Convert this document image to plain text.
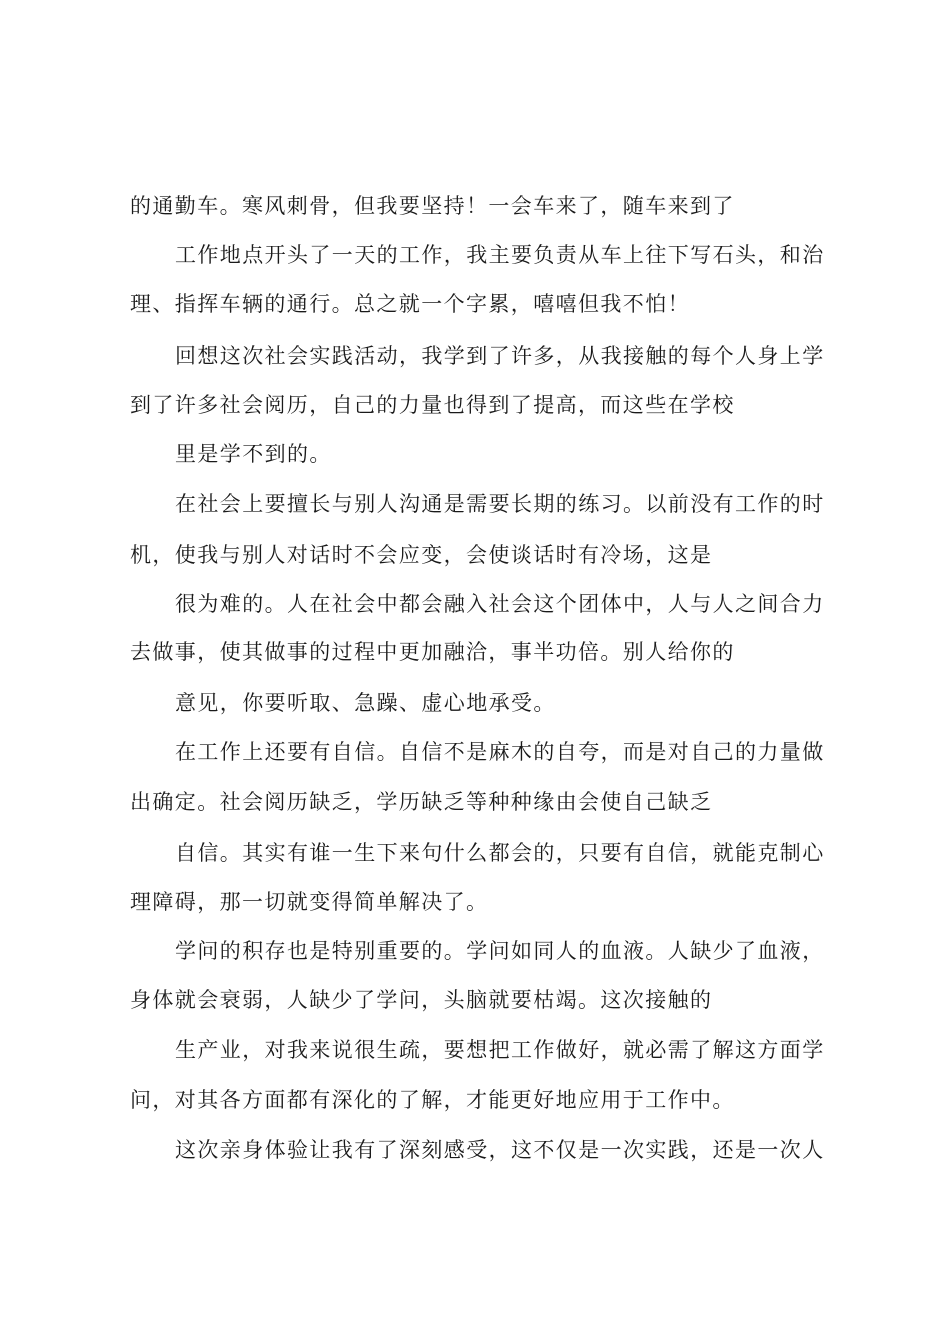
的通勤车。寒风刺骨，但我要坚持！一会车来了，随车来到了
工作地点开头了一天的工作，我主要负责从车上往下写石头，和治
理、指挥车辆的通行。总之就一个字累，嘻嘻但我不怕！
回想这次社会实践活动，我学到了许多，从我接触的每个人身上学
到了许多社会阅历，自己的力量也得到了提高，而这些在学校
里是学不到的。
在社会上要擅长与别人沟通是需要长期的练习。以前没有工作的时
机，使我与别人对话时不会应变，会使谈话时有冷场，这是
很为难的。人在社会中都会融入社会这个团体中，人与人之间合力
去做事，使其做事的过程中更加融洽，事半功倍。别人给你的
意见，你要听取、急躁、虚心地承受。
在工作上还要有自信。自信不是麻木的自夸，而是对自己的力量做
出确定。社会阅历缺乏，学历缺乏等种种缘由会使自己缺乏
自信。其实有谁一生下来句什么都会的，只要有自信，就能克制心
理障碍，那一切就变得简单解决了。
学问的积存也是特别重要的。学问如同人的血液。人缺少了血液，
身体就会衰弱，人缺少了学问，头脑就要枯竭。这次接触的
生产业，对我来说很生疏，要想把工作做好，就必需了解这方面学
问，对其各方面都有深化的了解，才能更好地应用于工作中。
这次亲身体验让我有了深刻感受，这不仅是一次实践，还是一次人
